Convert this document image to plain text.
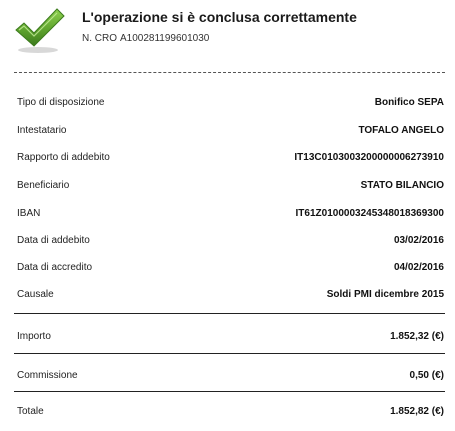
L'operazione si è conclusa correttamente
N. CRO A100281199601030
Tipo di disposizione	Bonifico SEPA
Intestatario	TOFALO ANGELO
Rapporto di addebito	IT13C0103003200000006273910
Beneficiario	STATO BILANCIO
IBAN	IT61Z0100003245348018369300
Data di addebito	03/02/2016
Data di accredito	04/02/2016
Causale	Soldi PMI dicembre 2015
Importo	1.852,32 (€)
Commissione	0,50 (€)
Totale	1.852,82 (€)
